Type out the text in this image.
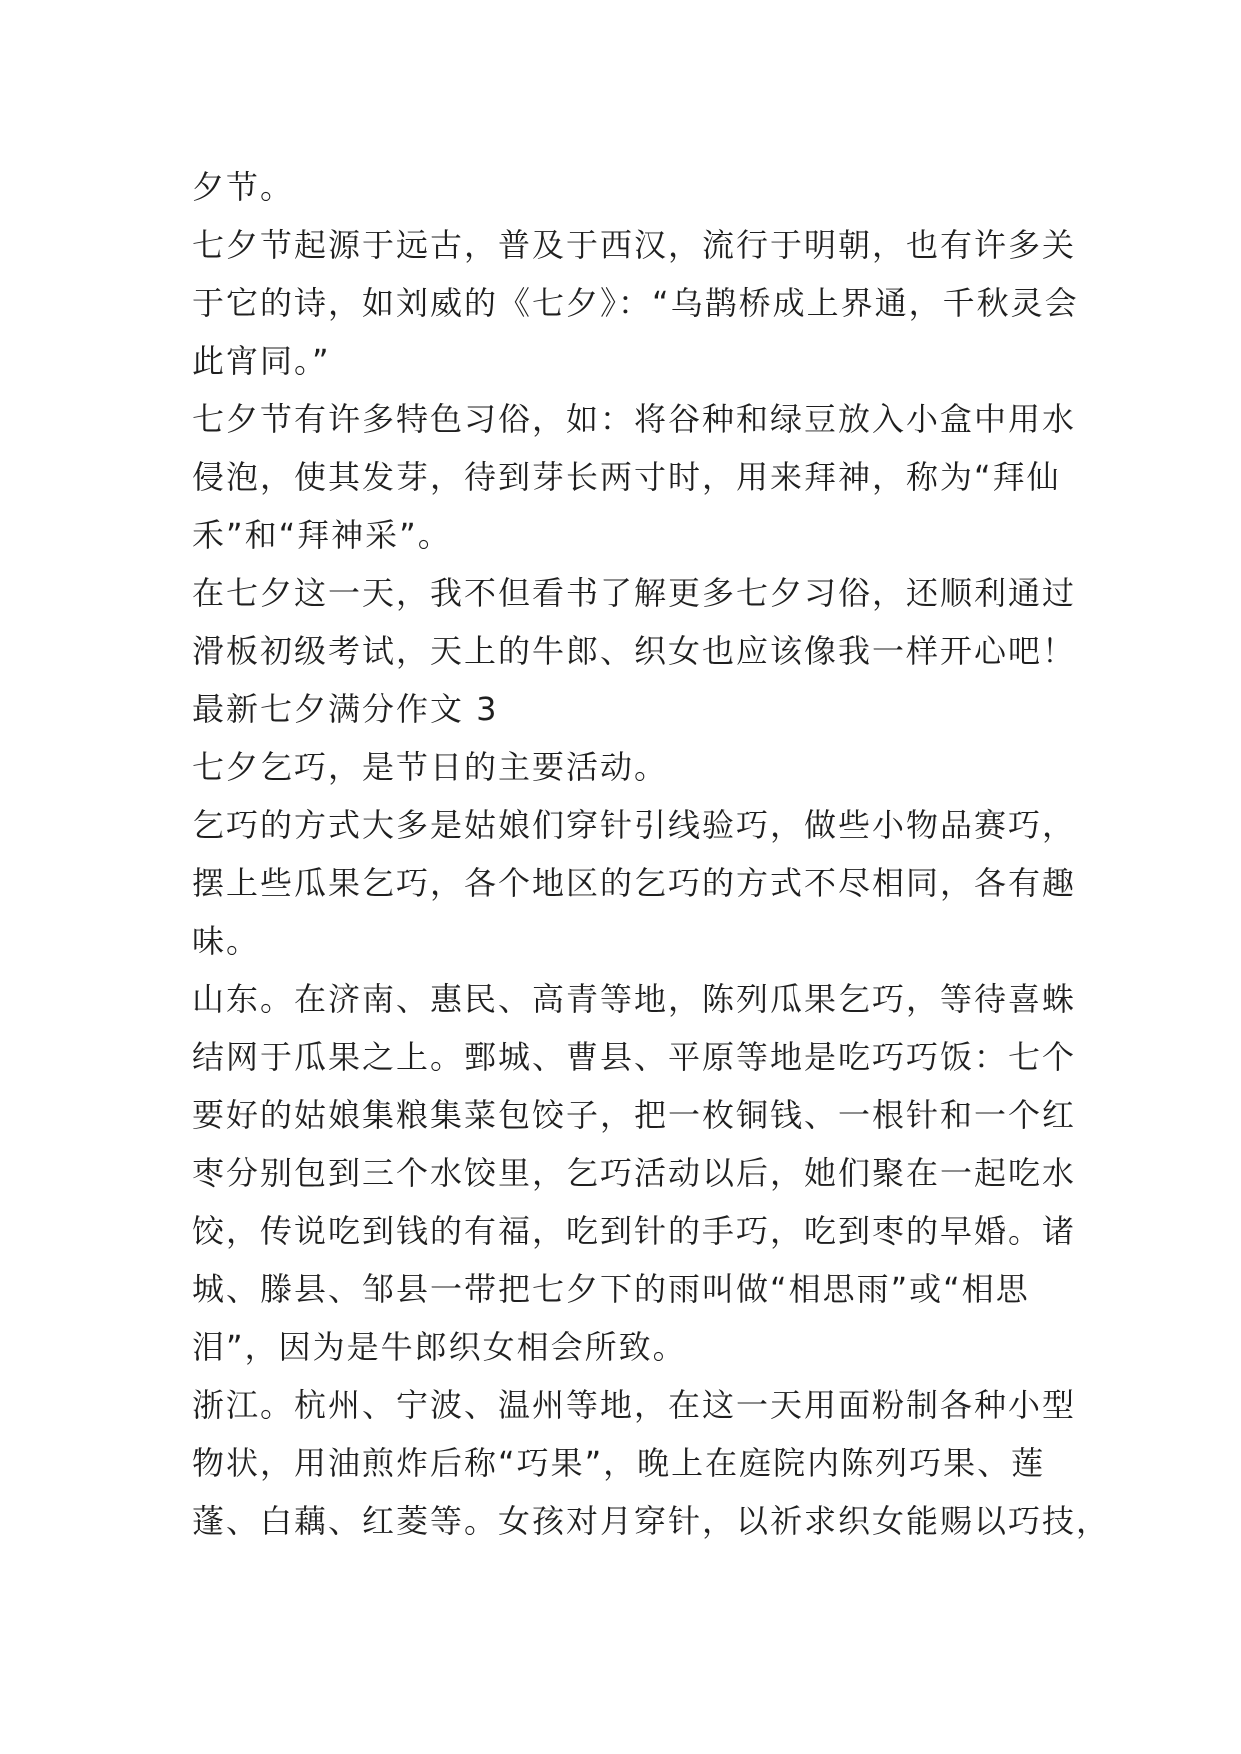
夕节。
七夕节起源于远古，普及于西汉，流行于明朝，也有许多关
于它的诗，如刘威的《七夕》：“乌鹊桥成上界通，千秋灵会
此宵同。”
七夕节有许多特色习俗，如：将谷种和绿豆放入小盒中用水
侵泡，使其发芽，待到芽长两寸时，用来拜神，称为“拜仙
禾”和“拜神采”。
在七夕这一天，我不但看书了解更多七夕习俗，还顺利通过
滑板初级考试，天上的牛郎、织女也应该像我一样开心吧！
最新七夕满分作文 3
七夕乞巧，是节日的主要活动。
乞巧的方式大多是姑娘们穿针引线验巧，做些小物品赛巧，
摆上些瓜果乞巧，各个地区的乞巧的方式不尽相同，各有趣
味。
山东。在济南、惠民、高青等地，陈列瓜果乞巧，等待喜蛛
结网于瓜果之上。鄄城、曹县、平原等地是吃巧巧饭：七个
要好的姑娘集粮集菜包饺子，把一枚铜钱、一根针和一个红
枣分别包到三个水饺里，乞巧活动以后，她们聚在一起吃水
饺，传说吃到钱的有福，吃到针的手巧，吃到枣的早婚。诸
城、滕县、邹县一带把七夕下的雨叫做“相思雨”或“相思
泪”，因为是牛郎织女相会所致。
浙江。杭州、宁波、温州等地，在这一天用面粉制各种小型
物状，用油煎炸后称“巧果”，晚上在庭院内陈列巧果、莲
蓬、白藕、红菱等。女孩对月穿针，以祈求织女能赐以巧技，
